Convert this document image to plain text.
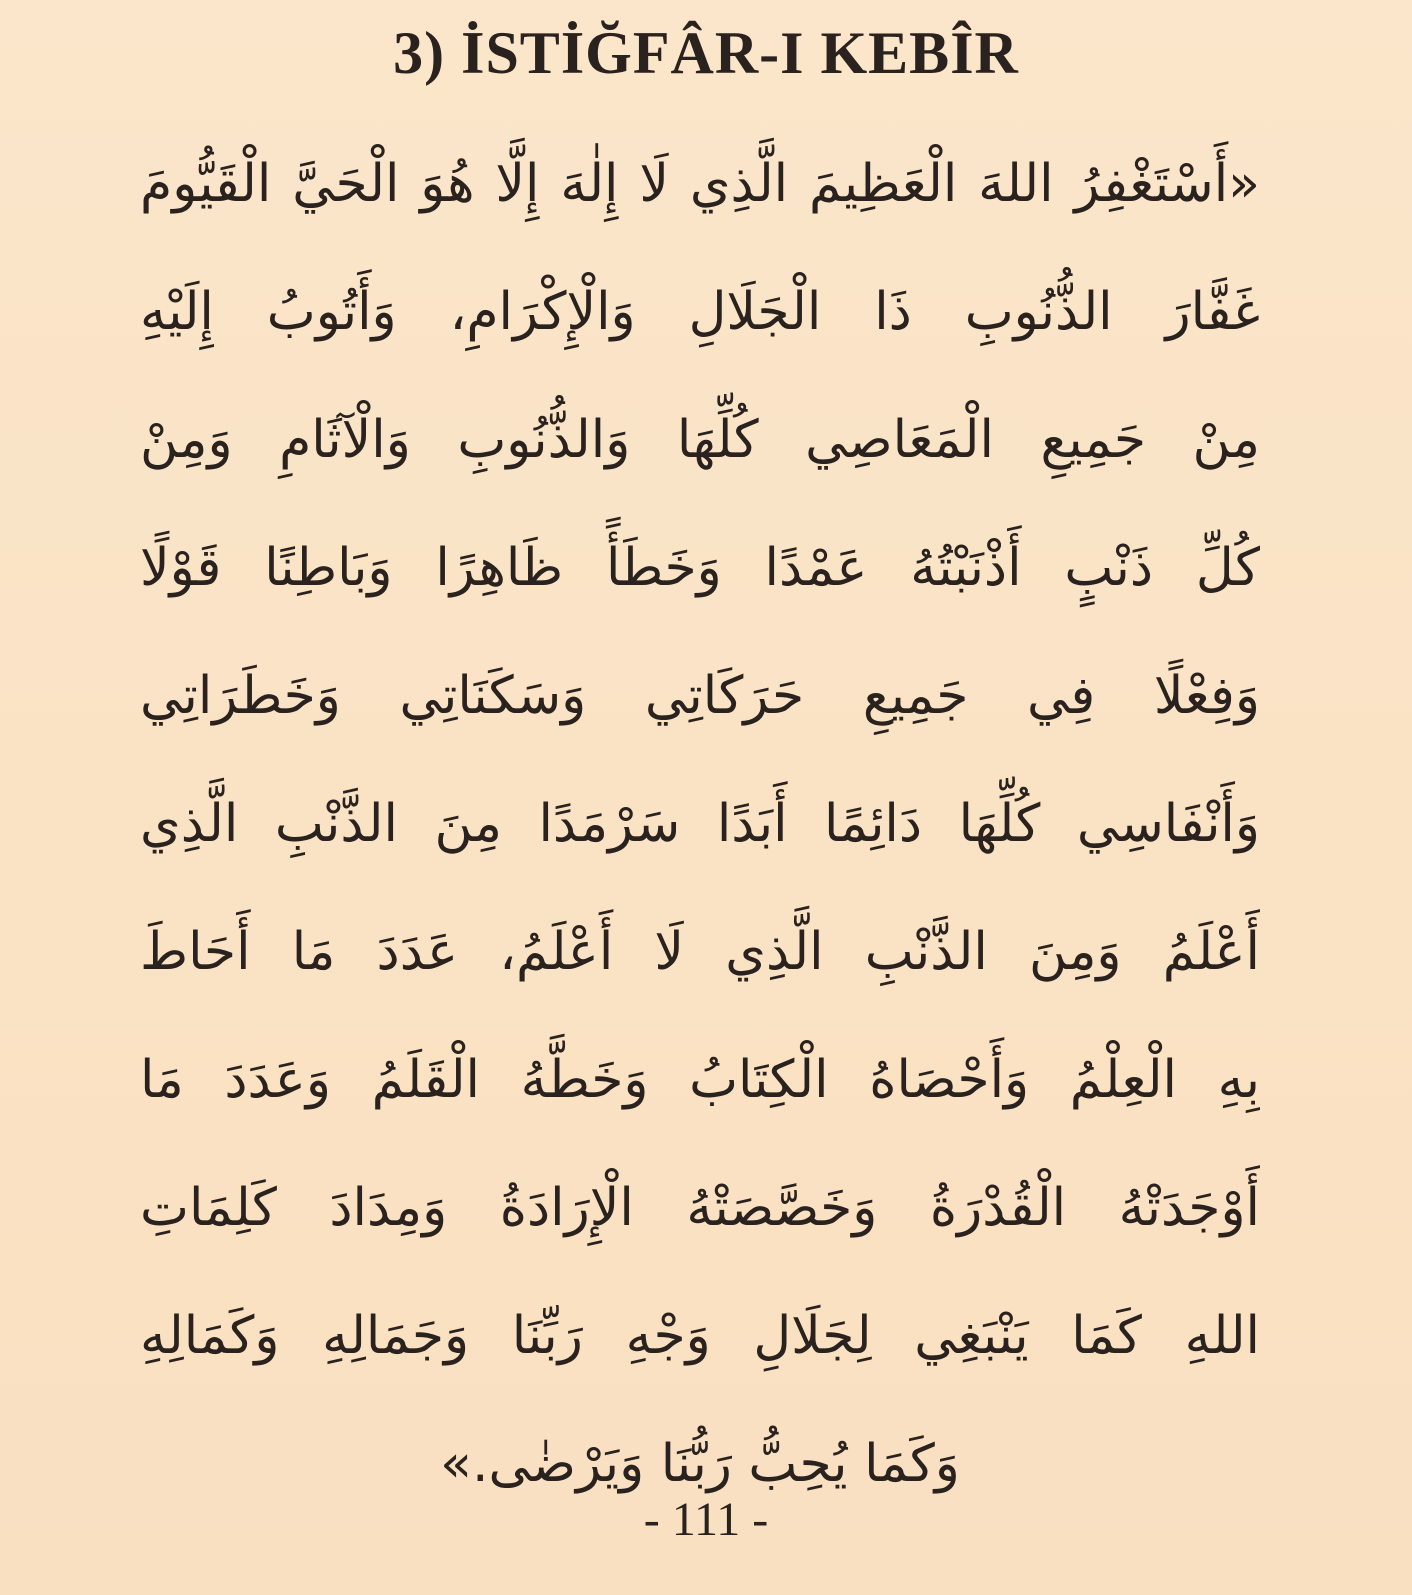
3) İSTİĞFÂR-I KEBÎR
«أَسْتَغْفِرُ اللهَ الْعَظِيمَ الَّذِي لَا إِلٰهَ إِلَّا هُوَ الْحَيَّ الْقَيُّومَ
غَفَّارَ الذُّنُوبِ ذَا الْجَلَالِ وَالْإِكْرَامِ، وَأَتُوبُ إِلَيْهِ
مِنْ جَمِيعِ الْمَعَاصِي كُلِّهَا وَالذُّنُوبِ وَالْآثَامِ وَمِنْ
كُلِّ ذَنْبٍ أَذْنَبْتُهُ عَمْدًا وَخَطَأً ظَاهِرًا وَبَاطِنًا قَوْلًا
وَفِعْلًا فِي جَمِيعِ حَرَكَاتِي وَسَكَنَاتِي وَخَطَرَاتِي
وَأَنْفَاسِي كُلِّهَا دَائِمًا أَبَدًا سَرْمَدًا مِنَ الذَّنْبِ الَّذِي
أَعْلَمُ وَمِنَ الذَّنْبِ الَّذِي لَا أَعْلَمُ، عَدَدَ مَا أَحَاطَ
بِهِ الْعِلْمُ وَأَحْصَاهُ الْكِتَابُ وَخَطَّهُ الْقَلَمُ وَعَدَدَ مَا
أَوْجَدَتْهُ الْقُدْرَةُ وَخَصَّصَتْهُ الْإِرَادَةُ وَمِدَادَ كَلِمَاتِ
اللهِ كَمَا يَنْبَغِي لِجَلَالِ وَجْهِ رَبِّنَا وَجَمَالِهِ وَكَمَالِهِ
وَكَمَا يُحِبُّ رَبُّنَا وَيَرْضٰى.»
- 111 -
